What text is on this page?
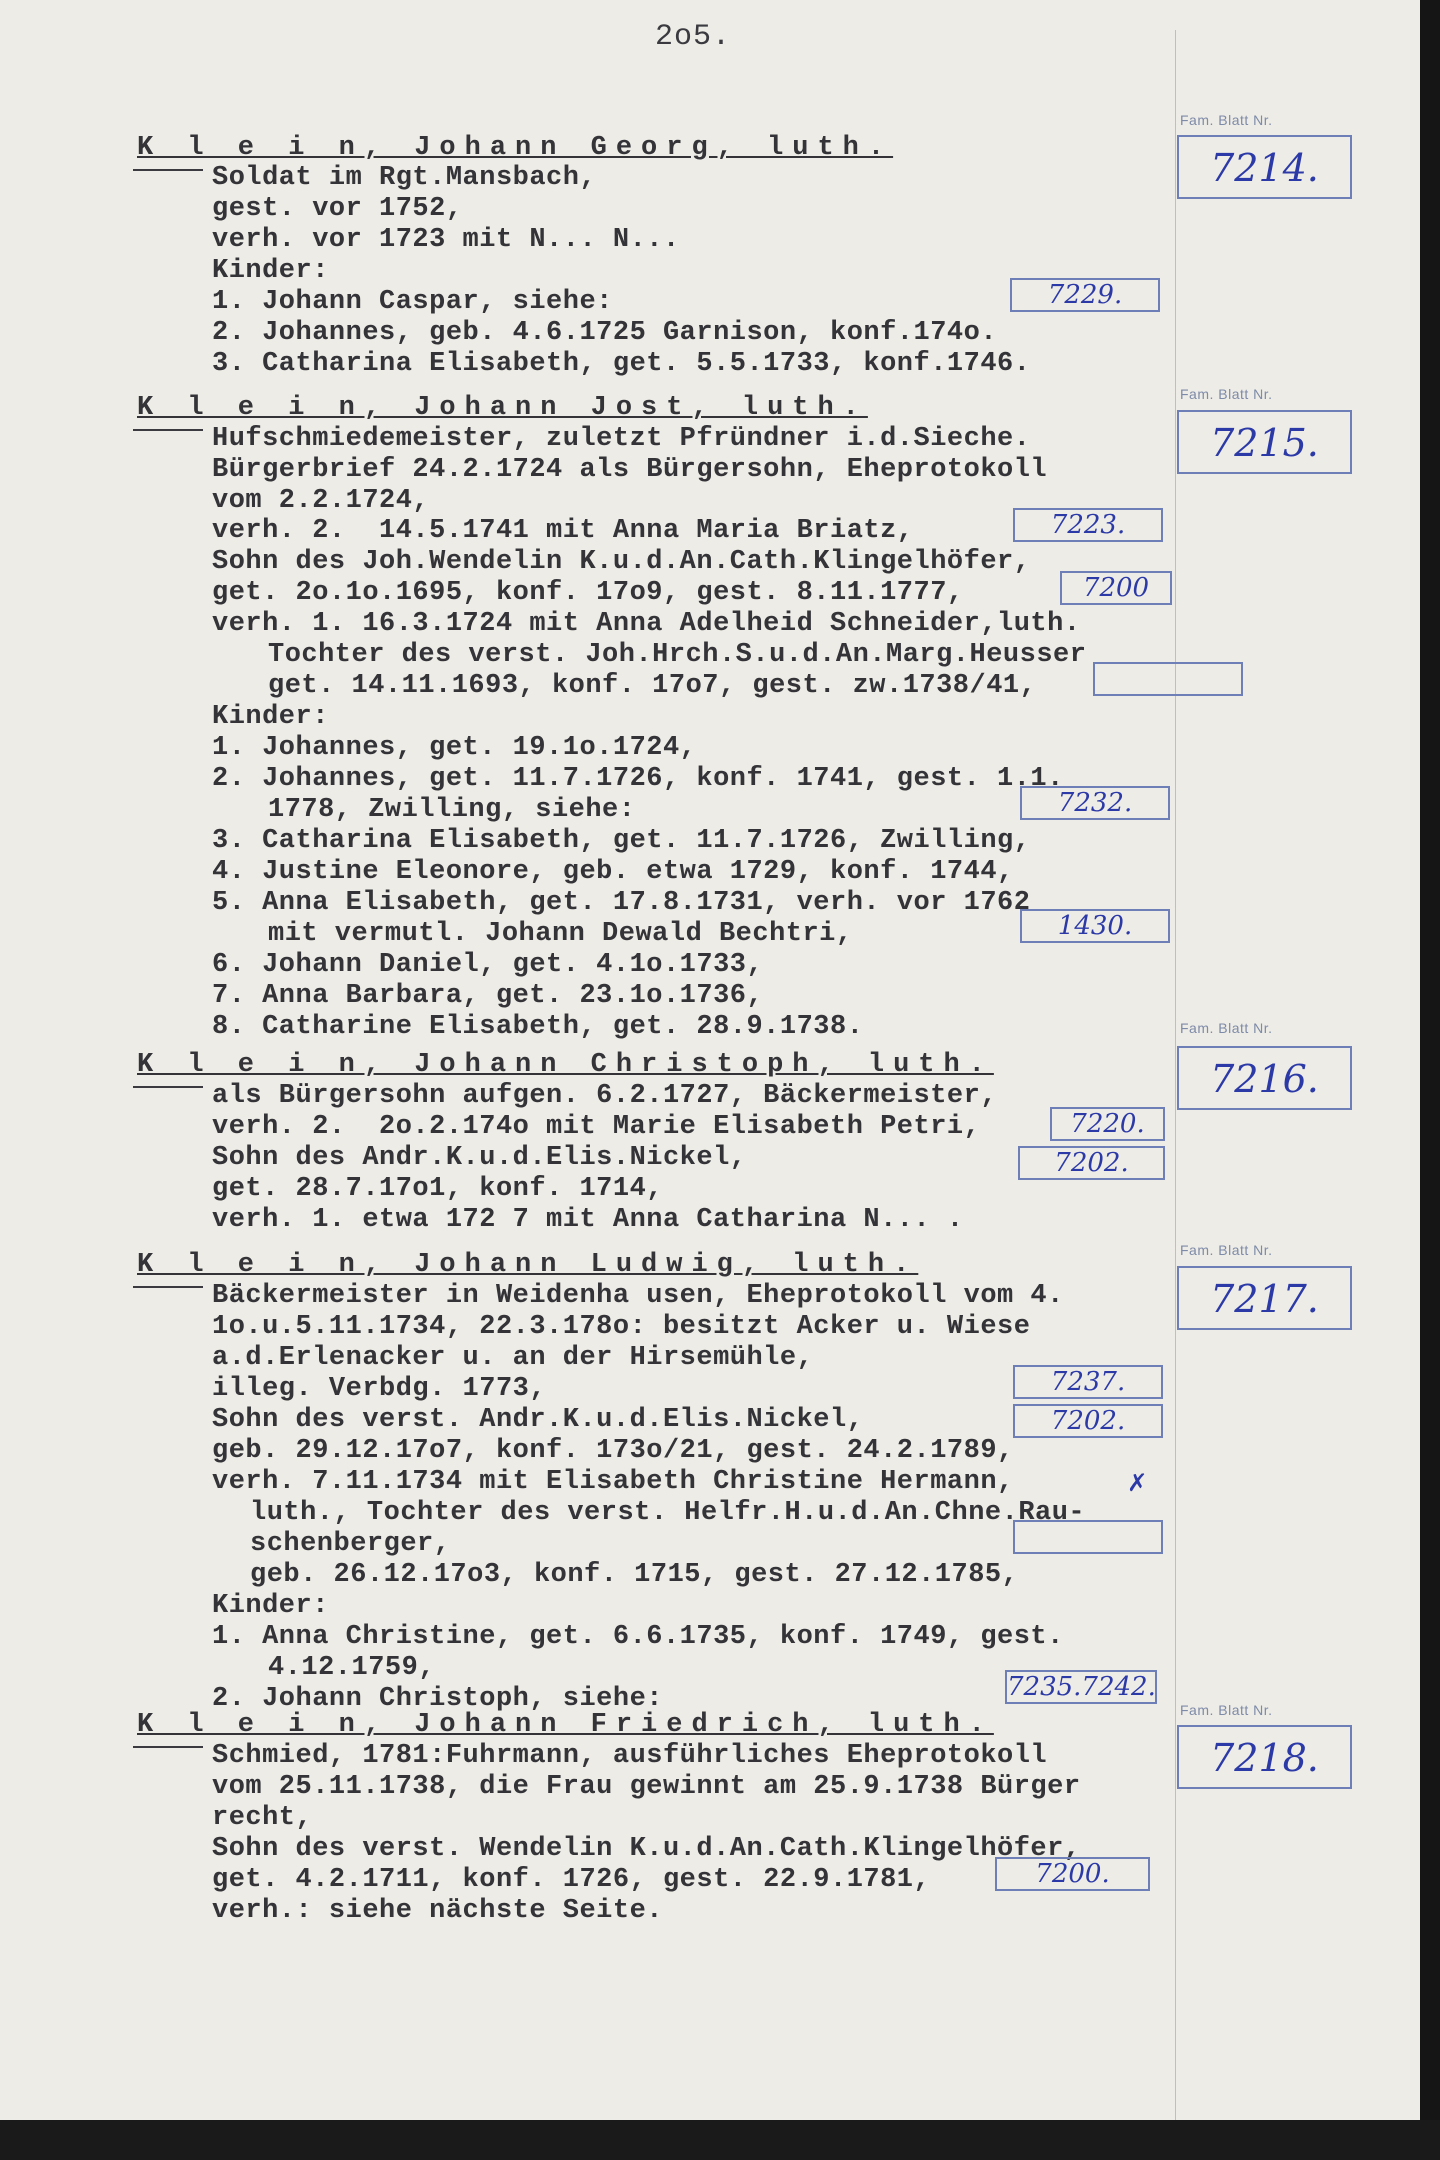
2o5.
Fam. Blatt Nr.
7214.
K l e i n, Johann Georg, luth.
Soldat im Rgt.Mansbach,
gest. vor 1752,
verh. vor 1723 mit N... N...
Kinder:
1. Johann Caspar, siehe:	7229.
2. Johannes, geb. 4.6.1725 Garnison, konf.174o.
3. Catharina Elisabeth, get. 5.5.1733, konf.1746.
Fam. Blatt Nr.
7215.
K l e i n, Johann Jost, luth.
Hufschmiedemeister, zuletzt Pfründner i.d.Sieche.
Bürgerbrief 24.2.1724 als Bürgersohn, Eheprotokoll
vom 2.2.1724,
verh. 2.  14.5.1741 mit Anna Maria Briatz,	7223.
Sohn des Joh.Wendelin K.u.d.An.Cath.Klingelhöfer,
get. 2o.1o.1695, konf. 17o9, gest. 8.11.1777,	7200
verh. 1. 16.3.1724 mit Anna Adelheid Schneider,luth.
Tochter des verst. Joh.Hrch.S.u.d.An.Marg.Heusser
get. 14.11.1693, konf. 17o7, gest. zw.1738/41,
Kinder:
1. Johannes, get. 19.1o.1724,
2. Johannes, get. 11.7.1726, konf. 1741, gest. 1.1.
1778, Zwilling, siehe:	7232.
3. Catharina Elisabeth, get. 11.7.1726, Zwilling,
4. Justine Eleonore, geb. etwa 1729, konf. 1744,
5. Anna Elisabeth, get. 17.8.1731, verh. vor 1762
mit vermutl. Johann Dewald Bechtri,	1430.
6. Johann Daniel, get. 4.1o.1733,
7. Anna Barbara, get. 23.1o.1736,
8. Catharine Elisabeth, get. 28.9.1738.	Fam. Blatt Nr.
7216.
K l e i n, Johann Christoph, luth.
als Bürgersohn aufgen. 6.2.1727, Bäckermeister,
verh. 2.  2o.2.174o mit Marie Elisabeth Petri,	7220.
Sohn des Andr.K.u.d.Elis.Nickel,	7202.
get. 28.7.17o1, konf. 1714,
verh. 1. etwa 172 7 mit Anna Catharina N... .
Fam. Blatt Nr.
7217.
K l e i n, Johann Ludwig, luth.
Bäckermeister in Weidenha usen, Eheprotokoll vom 4.
1o.u.5.11.1734, 22.3.178o: besitzt Acker u. Wiese
a.d.Erlenacker u. an der Hirsemühle,
illeg. Verbdg. 1773,	7237.
Sohn des verst. Andr.K.u.d.Elis.Nickel,	7202.
geb. 29.12.17o7, konf. 173o/21, gest. 24.2.1789,
verh. 7.11.1734 mit Elisabeth Christine Hermann,
luth., Tochter des verst. Helfr.H.u.d.An.Chne.Rau-
schenberger,
geb. 26.12.17o3, konf. 1715, gest. 27.12.1785,
Kinder:
1. Anna Christine, get. 6.6.1735, konf. 1749, gest.
4.12.1759,
2. Johann Christoph, siehe:	7235.7242.
Fam. Blatt Nr.
7218.
K l e i n, Johann Friedrich, luth.
Schmied, 1781:Fuhrmann, ausführliches Eheprotokoll
vom 25.11.1738, die Frau gewinnt am 25.9.1738 Bürger
recht,
Sohn des verst. Wendelin K.u.d.An.Cath.Klingelhöfer,
get. 4.2.1711, konf. 1726, gest. 22.9.1781,	7200.
verh.: siehe nächste Seite.
✗
